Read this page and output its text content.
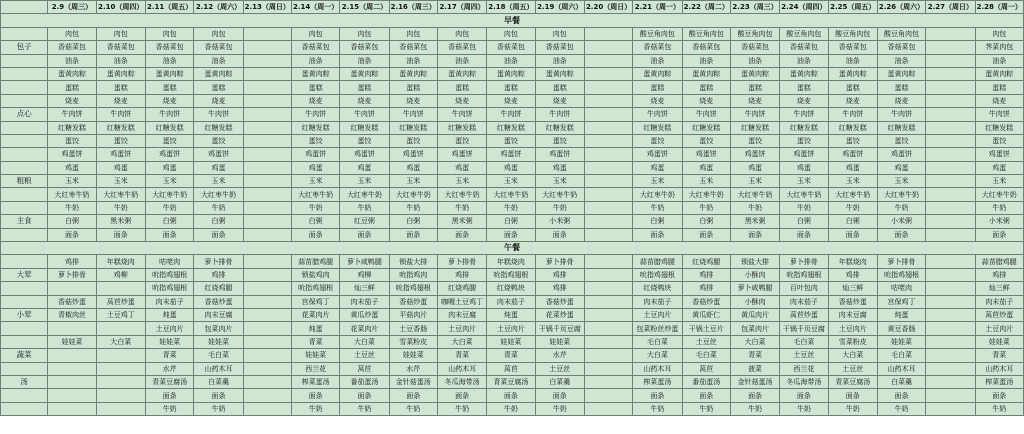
	2.9（周三）	2.10（周四）	2.11（周五）	2.12（周六）	2.13（周日）	2.14（周一）	2.15（周二）	2.16（周三）	2.17（周四）	2.18（周五）	2.19（周六）	2.20（周日）	2.21（周一）	2.22（周二）	2.23（周三）	2.24（周四）	2.25（周五）	2.26（周六）	2.27（周日）	2.28（周一）
早餐																				
	肉包	肉包	肉包	肉包		肉包	肉包	肉包	肉包	肉包	肉包		酸豆角肉包	酸豆角肉包	酸豆角肉包	酸豆角肉包	酸豆角肉包	酸豆角肉包		肉包
包子	香菇菜包	香菇菜包	香菇菜包	香菇菜包		香菇菜包	香菇菜包	香菇菜包	香菇菜包	香菇菜包	香菇菜包		香菇菜包	香菇菜包	香菇菜包	香菇菜包	香菇菜包	香菇菜包		荠菜肉包
	油条	油条	油条	油条		油条	油条	油条	油条	油条	油条		油条	油条	油条	油条	油条	油条		油条
	蛋黄肉粽	蛋黄肉粽	蛋黄肉粽	蛋黄肉粽		蛋黄肉粽	蛋黄肉粽	蛋黄肉粽	蛋黄肉粽	蛋黄肉粽	蛋黄肉粽		蛋黄肉粽	蛋黄肉粽	蛋黄肉粽	蛋黄肉粽	蛋黄肉粽	蛋黄肉粽		蛋黄肉粽
	蛋糕	蛋糕	蛋糕	蛋糕		蛋糕	蛋糕	蛋糕	蛋糕	蛋糕	蛋糕		蛋糕	蛋糕	蛋糕	蛋糕	蛋糕	蛋糕		蛋糕
	烧麦	烧麦	烧麦	烧麦		烧麦	烧麦	烧麦	烧麦	烧麦	烧麦		烧麦	烧麦	烧麦	烧麦	烧麦	烧麦		烧麦
点心	牛肉饼	牛肉饼	牛肉饼	牛肉饼		牛肉饼	牛肉饼	牛肉饼	牛肉饼	牛肉饼	牛肉饼		牛肉饼	牛肉饼	牛肉饼	牛肉饼	牛肉饼	牛肉饼		牛肉饼
	红糖发糕	红糖发糕	红糖发糕	红糖发糕		红糖发糕	红糖发糕	红糖发糕	红糖发糕	红糖发糕	红糖发糕		红糖发糕	红糖发糕	红糖发糕	红糖发糕	红糖发糕	红糖发糕		红糖发糕
	蛋饺	蛋饺	蛋饺	蛋饺		蛋饺	蛋饺	蛋饺	蛋饺	蛋饺	蛋饺		蛋饺	蛋饺	蛋饺	蛋饺	蛋饺	蛋饺		蛋饺
	鸡蛋饼	鸡蛋饼	鸡蛋饼	鸡蛋饼		鸡蛋饼	鸡蛋饼	鸡蛋饼	鸡蛋饼	鸡蛋饼	鸡蛋饼		鸡蛋饼	鸡蛋饼	鸡蛋饼	鸡蛋饼	鸡蛋饼	鸡蛋饼		鸡蛋饼
	鸡蛋	鸡蛋	鸡蛋	鸡蛋		鸡蛋	鸡蛋	鸡蛋	鸡蛋	鸡蛋	鸡蛋		鸡蛋	鸡蛋	鸡蛋	鸡蛋	鸡蛋	鸡蛋		鸡蛋
粗粮	玉米	玉米	玉米	玉米		玉米	玉米	玉米	玉米	玉米	玉米		玉米	玉米	玉米	玉米	玉米	玉米		玉米
	大红枣牛奶	大红枣牛奶	大红枣牛奶	大红枣牛奶		大红枣牛奶	大红枣牛奶	大红枣牛奶	大红枣牛奶	大红枣牛奶	大红枣牛奶		大红枣牛奶	大红枣牛奶	大红枣牛奶	大红枣牛奶	大红枣牛奶	大红枣牛奶		大红枣牛奶
	牛奶	牛奶	牛奶	牛奶		牛奶	牛奶	牛奶	牛奶	牛奶	牛奶		牛奶	牛奶	牛奶	牛奶	牛奶	牛奶		牛奶
主食	白粥	黑米粥	白粥	白粥		白粥	红豆粥	白粥	黑米粥	白粥	小米粥		白粥	白粥	黑米粥	白粥	白粥	小米粥		小米粥
	面条	面条	面条	面条		面条	面条	面条	面条	面条	面条		面条	面条	面条	面条	面条	面条		面条
午餐																				
	鸡排	年糕烧肉	咕咾肉	萝卜排骨		蒜苗腊鸡腿	萝卜咸鸭腿	锁盐大排	萝卜排骨	年糕烧肉	萝卜排骨		蒜苗腊鸡腿	红烧鸡腿	锁盐大排	萝卜排骨	年糕烧肉	萝卜排骨		蒜苗腊鸡腿
大荤	萝卜排骨	鸡柳	吮指鸡翅根	鸡排		锁盐鸡肉	鸡柳	吮指鸡肉	鸡排	吮指鸡翅根	鸡排		吮指鸡翅根	鸡排	小酥肉	吮指鸡翅根	鸡排	吮指鸡翅根		鸡排
			吮指鸡翅根	红烧鸡腿		吮指鸡翅根	灿三鲜	吮指鸡翅根	红烧鸡腿	红烧鸭块	鸡排		红烧鸭块	鸡排	萝卜咸鸭腿	百叶包肉	灿三鲜	咕咾肉		灿三鲜
	香菇炒蛋	莴苣炒蛋	肉末茄子	香菇炒蛋		宫保鸡丁	肉末茄子	香菇炒蛋	咖喱土豆鸡丁	肉末茄子	香菇炒蛋		肉末茄子	香菇炒蛋	小酥肉	肉末茄子	香菇炒蛋	宫保鸡丁		肉末茄子
小荤	青椒肉丝	土豆鸡丁	炖蛋	肉末豆腐		花菜肉片	黄瓜炒蛋	平菇肉片	肉末豆腐	炖蛋	花菜炒蛋		土豆肉片	黄瓜虾仁	黄瓜肉片	莴苣炒蛋	肉末豆腐	炖蛋		莴苣炒蛋
			土豆肉片	包菜肉片		炖蛋	花菜肉片	土豆香肠	土豆肉片	土豆肉片	干锅千页豆腐		包菜粉丝炒蛋	干锅土豆片	包菜肉片	干锅千页豆腐	土豆肉片	黄豆香肠		土豆肉片
	娃娃菜	大白菜	娃娃菜	娃娃菜		青菜	大白菜	雪菜粉皮	大白菜	娃娃菜	娃娃菜		毛白菜	土豆丝	大白菜	毛白菜	雪菜粉皮	娃娃菜		娃娃菜
蔬菜			青菜	毛白菜		娃娃菜	土豆丝	娃娃菜	青菜	青菜	水芹		大白菜	毛白菜	青菜	土豆丝	大白菜	毛白菜		青菜
			水芹	山药木耳		西兰花	莴苣	水芹	山药木耳	莴苣	土豆丝		山药木耳	莴苣	菠菜	西兰花	土豆丝	山药木耳		山药木耳
汤			青菜豆腐汤	白菜羹		榨菜蛋汤	番茄蛋汤	金针菇蛋汤	冬瓜海带汤	青菜豆腐汤	白菜羹		榨菜蛋汤	番茄蛋汤	金针菇蛋汤	冬瓜海带汤	青菜豆腐汤	白菜羹		榨菜蛋汤
			面条	面条		面条	面条	面条	面条	面条	面条		面条	面条	面条	面条	面条	面条		面条
			牛奶	牛奶		牛奶	牛奶	牛奶	牛奶	牛奶	牛奶		牛奶	牛奶	牛奶	牛奶	牛奶	牛奶		牛奶
